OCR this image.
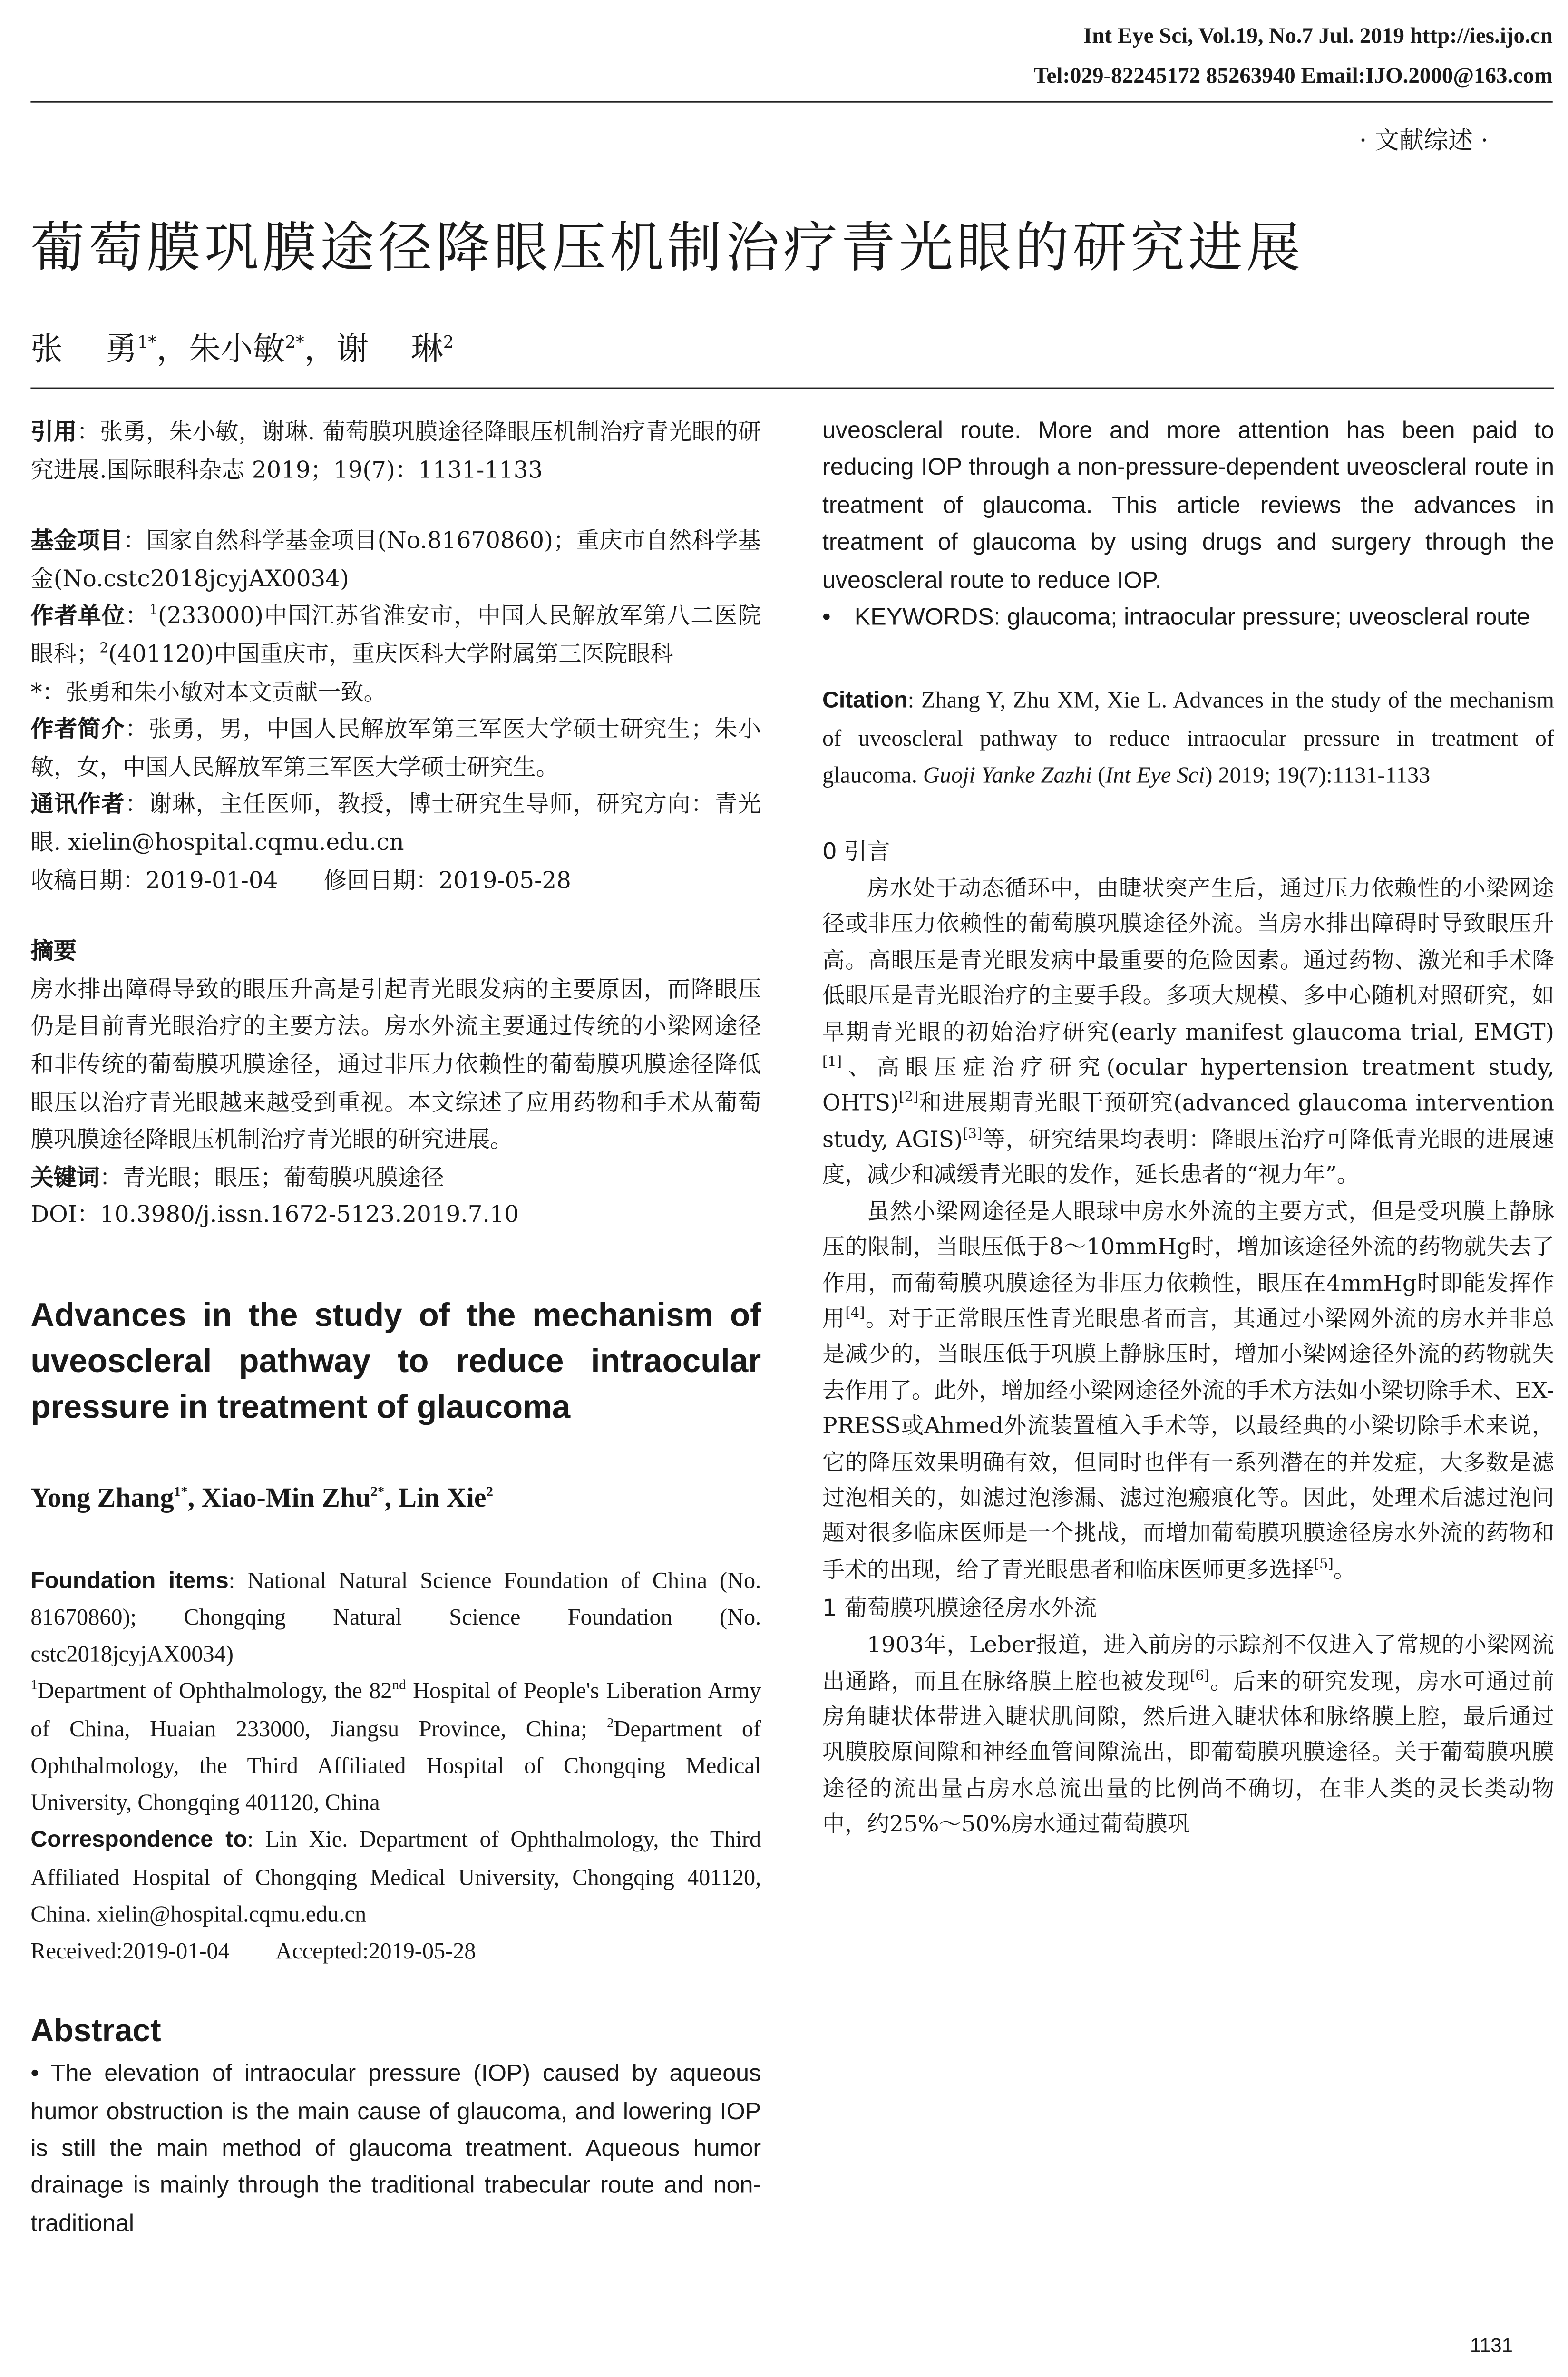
Int Eye Sci, Vol.19, No.7 Jul. 2019 http://ies.ijo.cn
Tel:029-82245172 85263940 Email:IJO.2000@163.com
· 文献综述 ·
葡萄膜巩膜途径降眼压机制治疗青光眼的研究进展
张　 勇$^{1*}$，朱小敏$^{2*}$，谢　 琳$^2$

引用：张勇，朱小敏，谢琳. 葡萄膜巩膜途径降眼压机制治疗青光眼的研究进展.国际眼科杂志 2019；19(7)：1131-1133

基金项目：国家自然科学基金项目(No.81670860)；重庆市自然科学基金(No.cstc2018jcyjAX0034)

作者单位：$^1$(233000)中国江苏省淮安市，中国人民解放军第八二医院眼科；$^2$(401120)中国重庆市，重庆医科大学附属第三医院眼科

*：张勇和朱小敏对本文贡献一致。

作者简介：张勇，男，中国人民解放军第三军医大学硕士研究生；朱小敏，女，中国人民解放军第三军医大学硕士研究生。

通讯作者：谢琳，主任医师，教授，博士研究生导师，研究方向：青光眼. xielin@hospital.cqmu.edu.cn

收稿日期：2019-01-04　　修回日期：2019-05-28

摘要

房水排出障碍导致的眼压升高是引起青光眼发病的主要原因，而降眼压仍是目前青光眼治疗的主要方法。房水外流主要通过传统的小梁网途径和非传统的葡萄膜巩膜途径，通过非压力依赖性的葡萄膜巩膜途径降低眼压以治疗青光眼越来越受到重视。本文综述了应用药物和手术从葡萄膜巩膜途径降眼压机制治疗青光眼的研究进展。

关键词：青光眼；眼压；葡萄膜巩膜途径

DOI：10.3980/j.issn.1672-5123.2019.7.10

Advances in the study of the mechanism of uveoscleral pathway to reduce intraocular pressure in treatment of glaucoma

Yong Zhang$^{1*}$, Xiao-Min Zhu$^{2*}$, Lin Xie$^2$

Foundation items: National Natural Science Foundation of China (No. 81670860); Chongqing Natural Science Foundation (No. cstc2018jcyjAX0034)

$^1$Department of Ophthalmology, the 82nd Hospital of People's Liberation Army of China, Huaian 233000, Jiangsu Province, China; $^2$Department of Ophthalmology, the Third Affiliated Hospital of Chongqing Medical University, Chongqing 401120, China

Correspondence to: Lin Xie. Department of Ophthalmology, the Third Affiliated Hospital of Chongqing Medical University, Chongqing 401120, China. xielin@hospital.cqmu.edu.cn

Received:2019-01-04　　Accepted:2019-05-28

Abstract

• The elevation of intraocular pressure (IOP) caused by aqueous humor obstruction is the main cause of glaucoma, and lowering IOP is still the main method of glaucoma treatment. Aqueous humor drainage is mainly through the traditional trabecular route and non-traditional

uveoscleral route. More and more attention has been paid to reducing IOP through a non-pressure-dependent uveoscleral route in treatment of glaucoma. This article reviews the advances in treatment of glaucoma by using drugs and surgery through the uveoscleral route to reduce IOP.

•　KEYWORDS: glaucoma; intraocular pressure; uveoscleral route

Citation: Zhang Y, Zhu XM, Xie L. Advances in the study of the mechanism of uveoscleral pathway to reduce intraocular pressure in treatment of glaucoma. Guoji Yanke Zazhi (Int Eye Sci) 2019; 19(7):1131-1133

0 引言

房水处于动态循环中，由睫状突产生后，通过压力依赖性的小梁网途径或非压力依赖性的葡萄膜巩膜途径外流。当房水排出障碍时导致眼压升高。高眼压是青光眼发病中最重要的危险因素。通过药物、激光和手术降低眼压是青光眼治疗的主要手段。多项大规模、多中心随机对照研究，如早期青光眼的初始治疗研究(early manifest glaucoma trial, EMGT)[1]、高眼压症治疗研究(ocular hypertension treatment study, OHTS)[2]和进展期青光眼干预研究(advanced glaucoma intervention study, AGIS)[3]等，研究结果均表明：降眼压治疗可降低青光眼的进展速度，减少和减缓青光眼的发作，延长患者的“视力年”。

虽然小梁网途径是人眼球中房水外流的主要方式，但是受巩膜上静脉压的限制，当眼压低于8～10mmHg时，增加该途径外流的药物就失去了作用，而葡萄膜巩膜途径为非压力依赖性，眼压在4mmHg时即能发挥作用[4]。对于正常眼压性青光眼患者而言，其通过小梁网外流的房水并非总是减少的，当眼压低于巩膜上静脉压时，增加小梁网途径外流的药物就失去作用了。此外，增加经小梁网途径外流的手术方法如小梁切除手术、EX-PRESS或Ahmed外流装置植入手术等，以最经典的小梁切除手术来说，它的降压效果明确有效，但同时也伴有一系列潜在的并发症，大多数是滤过泡相关的，如滤过泡渗漏、滤过泡瘢痕化等。因此，处理术后滤过泡问题对很多临床医师是一个挑战，而增加葡萄膜巩膜途径房水外流的药物和手术的出现，给了青光眼患者和临床医师更多选择[5]。

1 葡萄膜巩膜途径房水外流

1903年，Leber报道，进入前房的示踪剂不仅进入了常规的小梁网流出通路，而且在脉络膜上腔也被发现[6]。后来的研究发现，房水可通过前房角睫状体带进入睫状肌间隙，然后进入睫状体和脉络膜上腔，最后通过巩膜胶原间隙和神经血管间隙流出，即葡萄膜巩膜途径。关于葡萄膜巩膜途径的流出量占房水总流出量的比例尚不确切，在非人类的灵长类动物中，约25%～50%房水通过葡萄膜巩

1131
